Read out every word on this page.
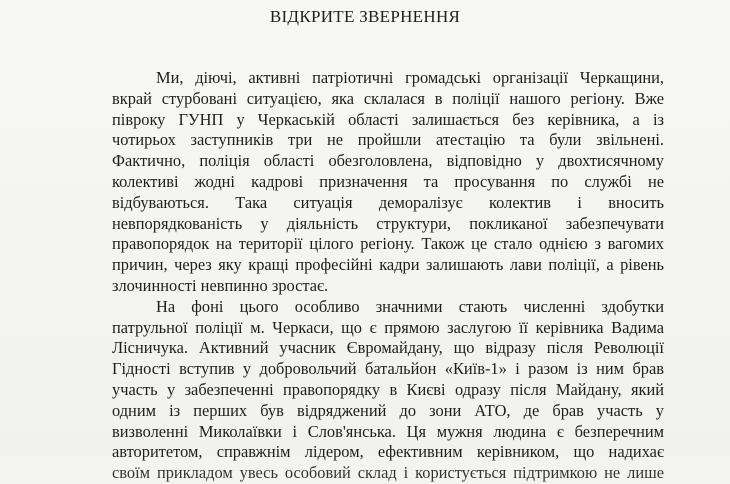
ВІДКРИТЕ ЗВЕРНЕННЯ
Ми, діючі, активні патріотичні громадські організації Черкащини,
вкрай стурбовані ситуацією, яка склалася в поліції нашого регіону. Вже
півроку ГУНП у Черкаській області залишається без керівника, а із
чотирьох заступників три не пройшли атестацію та були звільнені.
Фактично, поліція області обезголовлена, відповідно у двохтисячному
колективі жодні кадрові призначення та просування по службі не
відбуваються. Така ситуація деморалізує колектив і вносить
невпорядкованість у діяльність структури, покликаної забезпечувати
правопорядок на території цілого регіону. Також це стало однією з вагомих
причин, через яку кращі професійні кадри залишають лави поліції, а рівень
злочинності невпинно зростає.
На фоні цього особливо значними стають численні здобутки
патрульної поліції м. Черкаси, що є прямою заслугою її керівника Вадима
Лісничука. Активний учасник Євромайдану, що відразу після Революції
Гідності вступив у добровольчий батальйон «Київ-1» і разом із ним брав
участь у забезпеченні правопорядку в Києві одразу після Майдану, який
одним із перших був відряджений до зони АТО, де брав участь у
визволенні Миколаївки і Слов'янська. Ця мужня людина є безперечним
авторитетом, справжнім лідером, ефективним керівником, що надихає
своїм прикладом увесь особовий склад і користується підтримкою не лише
